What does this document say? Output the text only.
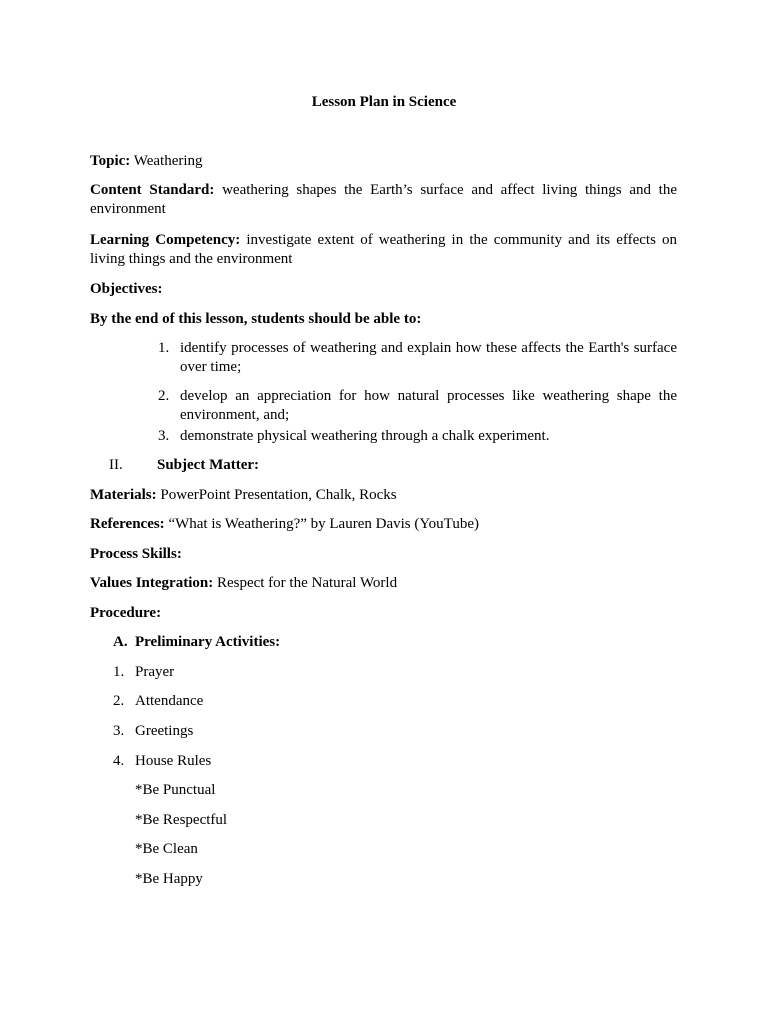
Lesson Plan in Science
Topic: Weathering
Content Standard: weathering shapes the Earth’s surface and affect living things and the environment
Learning Competency: investigate extent of weathering in the community and its effects on living things and the environment
Objectives:
By the end of this lesson, students should be able to:
1. identify processes of weathering and explain how these affects the Earth's surface over time;
2. develop an appreciation for how natural processes like weathering shape the environment, and;
3. demonstrate physical weathering through a chalk experiment.
II. Subject Matter:
Materials: PowerPoint Presentation, Chalk, Rocks
References: “What is Weathering?” by Lauren Davis (YouTube)
Process Skills:
Values Integration: Respect for the Natural World
Procedure:
A. Preliminary Activities:
1. Prayer
2. Attendance
3. Greetings
4. House Rules
*Be Punctual
*Be Respectful
*Be Clean
*Be Happy
